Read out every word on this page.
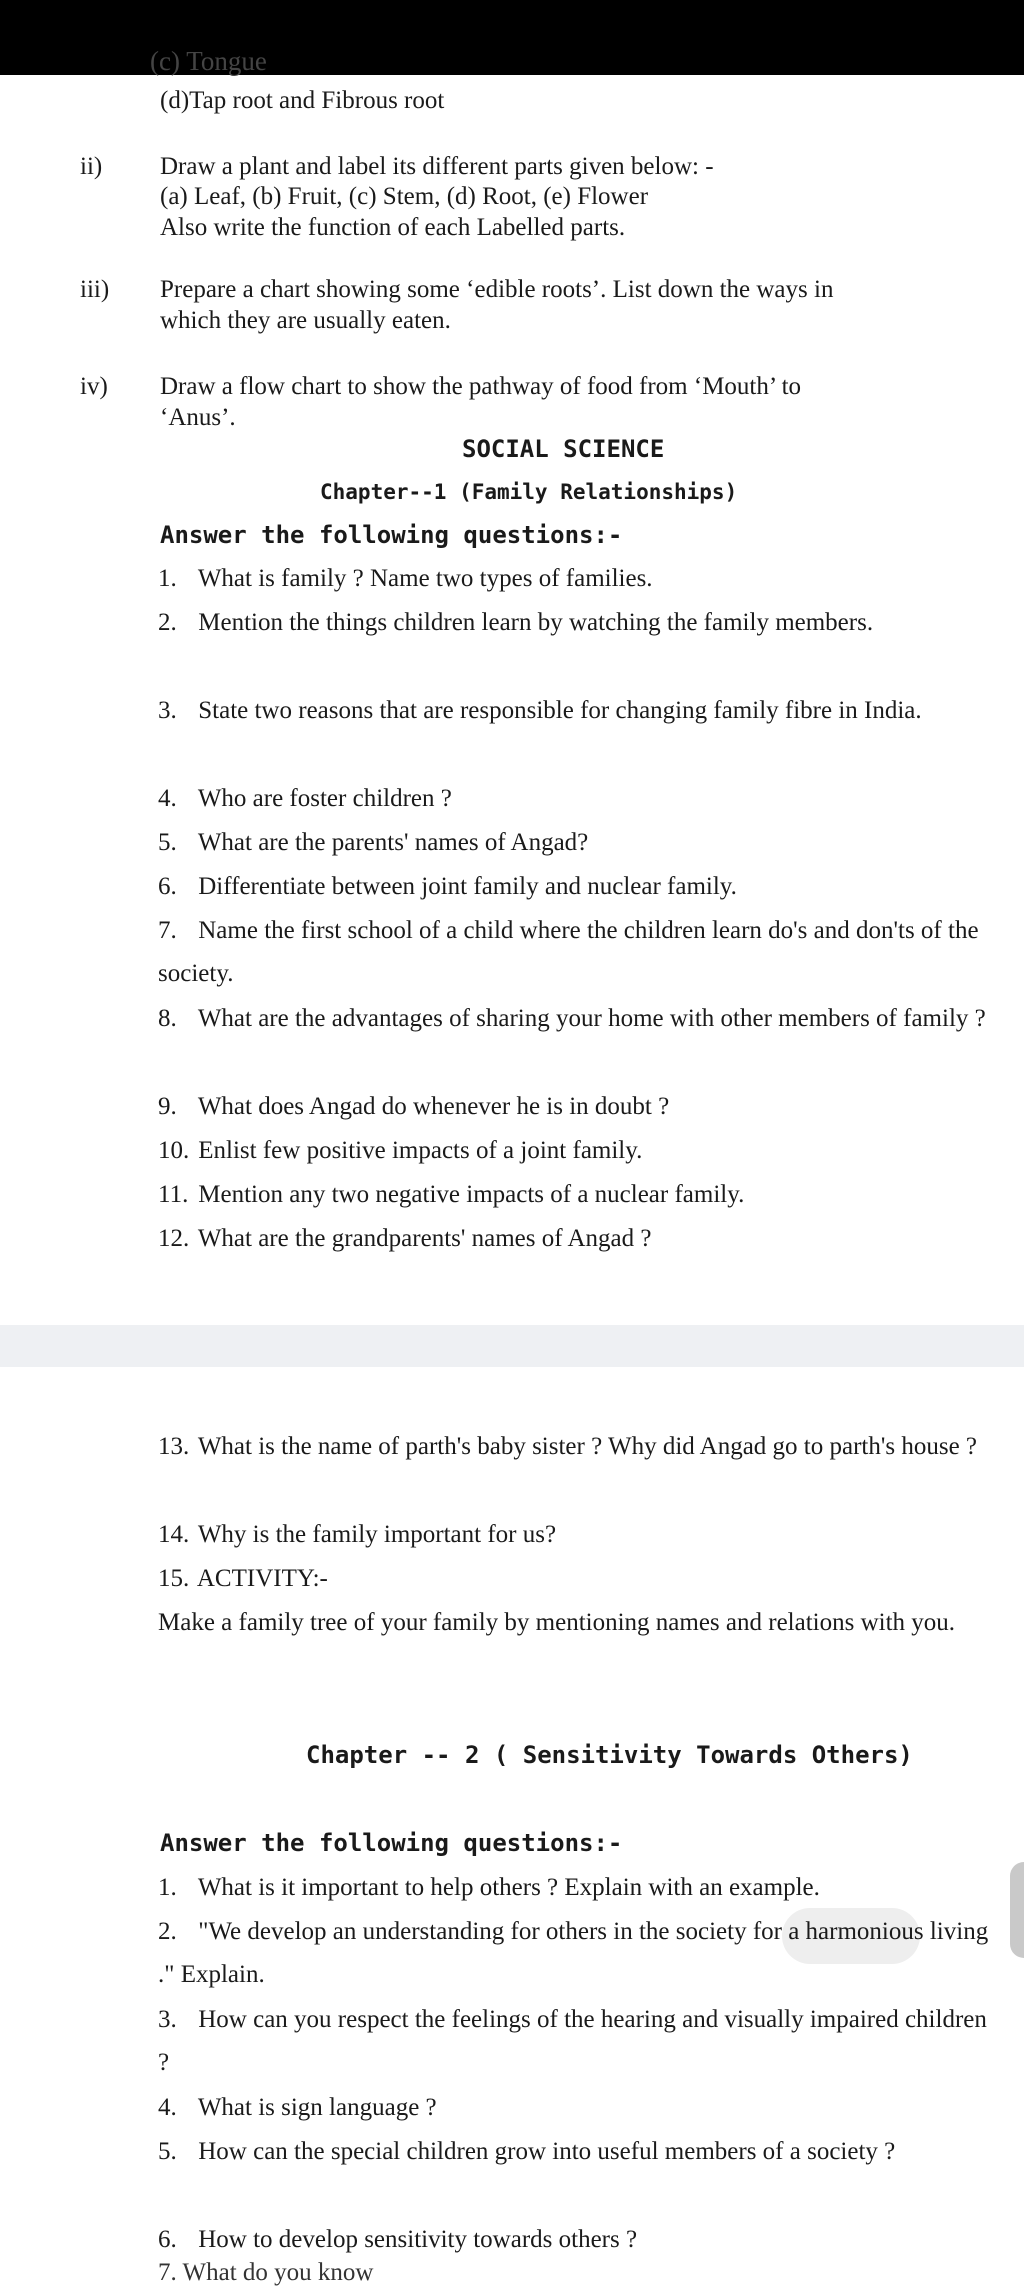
(c) Tongue
(d)Tap root and Fibrous root
ii) Draw a plant and label its different parts given below: -
(a) Leaf, (b) Fruit, (c) Stem, (d) Root, (e) Flower
Also write the function of each Labelled parts.
iii) Prepare a chart showing some ‘edible roots’. List down the ways in
which they are usually eaten.
iv) Draw a flow chart to show the pathway of food from ‘Mouth’ to
‘Anus’.
SOCIAL SCIENCE
Chapter--1 (Family Relationships)
Answer the following questions:-
1. What is family ? Name two types of families.
2. Mention the things children learn by watching the family members.
3. State two reasons that are responsible for changing family fibre in India.
4. Who are foster children ?
5. What are the parents' names of Angad?
6. Differentiate between joint family and nuclear family.
7. Name the first school of a child where the children learn do's and don'ts of the society.
8. What are the advantages of sharing your home with other members of family ?
9. What does Angad do whenever he is in doubt ?
10. Enlist few positive impacts of a joint family.
11. Mention any two negative impacts of a nuclear family.
12. What are the grandparents' names of Angad ?
13. What is the name of parth's baby sister ? Why did Angad go to parth's house ?
14. Why is the family important for us?
15. ACTIVITY:-
Make a family tree of your family by mentioning names and relations with you.
Chapter -- 2 ( Sensitivity Towards Others)
Answer the following questions:-
1. What is it important to help others ? Explain with an example.
2. "We develop an understanding for others in the society for a harmonious living ." Explain.
3. How can you respect the feelings of the hearing and visually impaired children ?
4. What is sign language ?
5. How can the special children grow into useful members of a society ?
6. How to develop sensitivity towards others ?
7. What do you know
